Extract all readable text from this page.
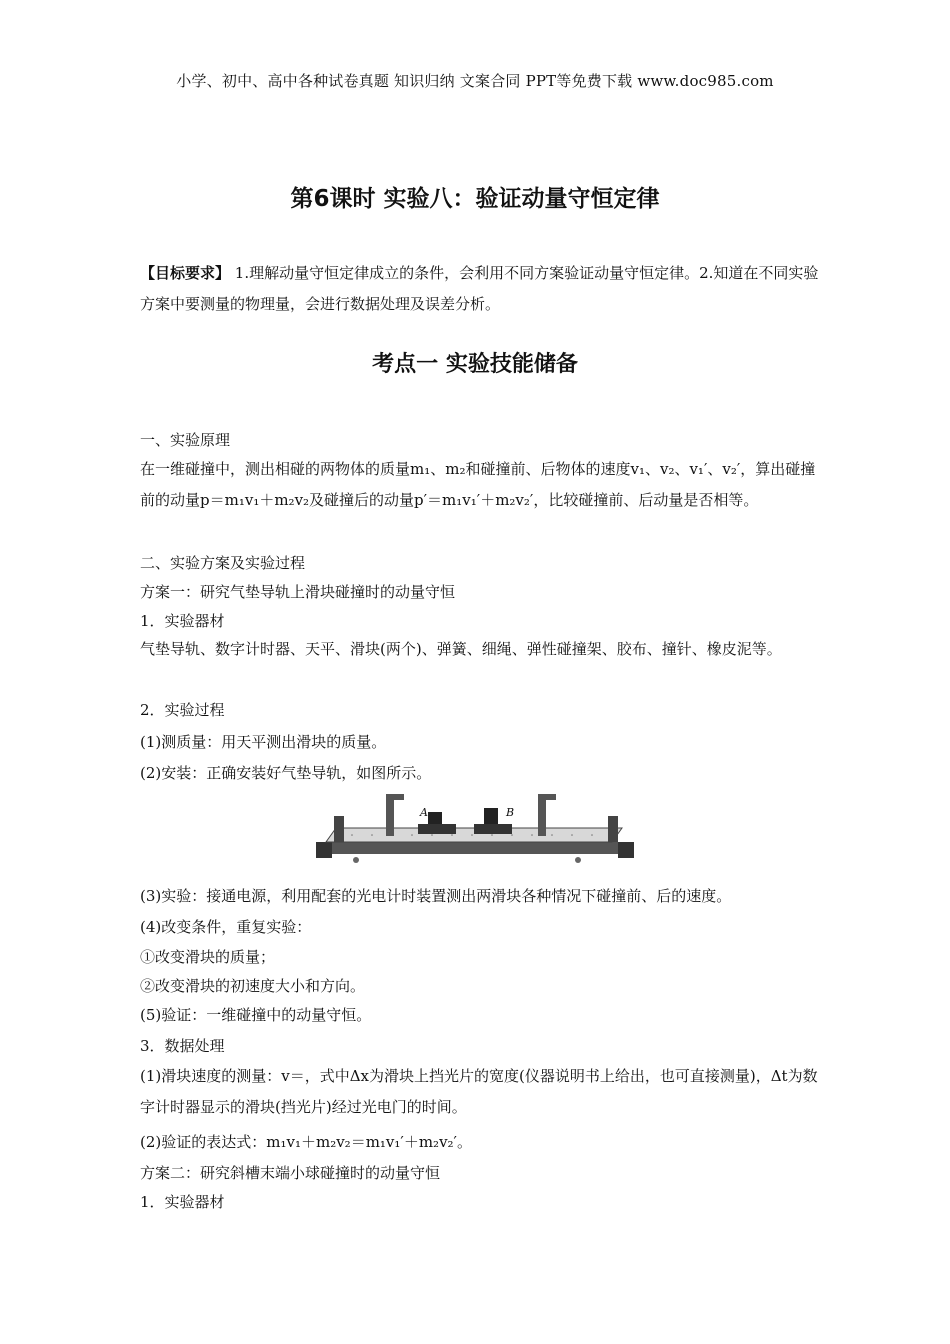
小学、初中、高中各种试卷真题 知识归纳 文案合同 PPT等免费下载 www.doc985.com
第6课时 实验八：验证动量守恒定律
【目标要求】 1.理解动量守恒定律成立的条件，会利用不同方案验证动量守恒定律。2.知道在不同实验方案中要测量的物理量，会进行数据处理及误差分析。
考点一 实验技能储备
一、实验原理
在一维碰撞中，测出相碰的两物体的质量m₁、m₂和碰撞前、后物体的速度v₁、v₂、v₁′、v₂′，算出碰撞前的动量p＝m₁v₁＋m₂v₂及碰撞后的动量p′＝m₁v₁′＋m₂v₂′，比较碰撞前、后动量是否相等。
二、实验方案及实验过程
方案一：研究气垫导轨上滑块碰撞时的动量守恒
1．实验器材
气垫导轨、数字计时器、天平、滑块(两个)、弹簧、细绳、弹性碰撞架、胶布、撞针、橡皮泥等。
2．实验过程
(1)测质量：用天平测出滑块的质量。
(2)安装：正确安装好气垫导轨，如图所示。
A	B
(3)实验：接通电源，利用配套的光电计时装置测出两滑块各种情况下碰撞前、后的速度。
(4)改变条件，重复实验：
①改变滑块的质量；
②改变滑块的初速度大小和方向。
(5)验证：一维碰撞中的动量守恒。
3．数据处理
(1)滑块速度的测量：v＝，式中Δx为滑块上挡光片的宽度(仪器说明书上给出，也可直接测量)，Δt为数字计时器显示的滑块(挡光片)经过光电门的时间。
(2)验证的表达式：m₁v₁＋m₂v₂＝m₁v₁′＋m₂v₂′。
方案二：研究斜槽末端小球碰撞时的动量守恒
1．实验器材
